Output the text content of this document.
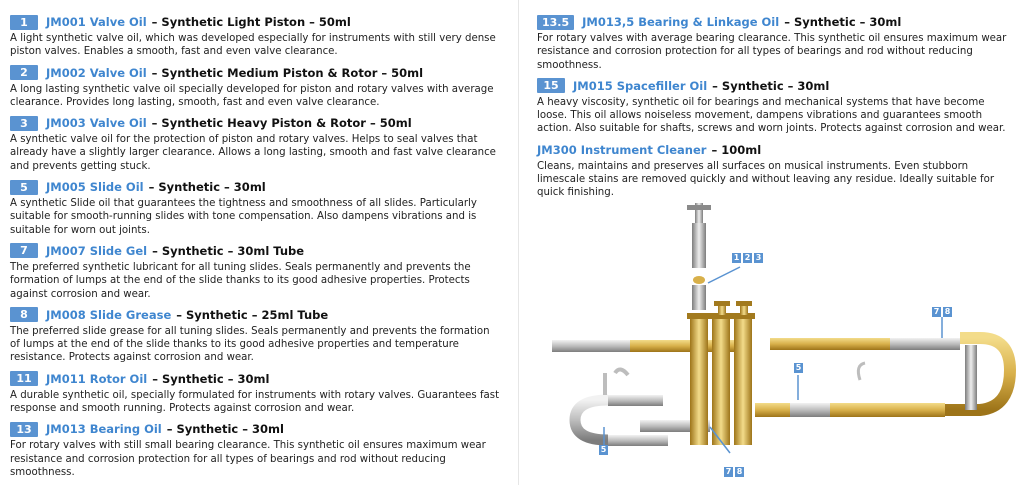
1	JM001 Valve Oil – Synthetic Light Piston – 50ml

A light synthetic valve oil, which was developed especially for instruments with still very dense piston valves. Enables a smooth, fast and even valve clearance.

2	JM002 Valve Oil – Synthetic Medium Piston & Rotor – 50ml

A long lasting synthetic valve oil specially developed for piston and rotary valves with average clearance. Provides long lasting, smooth, fast and even valve clearance.

3	JM003 Valve Oil – Synthetic Heavy Piston & Rotor – 50ml

A synthetic valve oil for the protection of piston and rotary valves. Helps to seal valves that already have a slightly larger clearance. Allows a long lasting, smooth and fast valve clearance and prevents getting stuck.

5	JM005 Slide Oil – Synthetic – 30ml

A synthetic Slide oil that guarantees the tightness and smoothness of all slides. Particularly suitable for smooth-running slides with tone compensation. Also dampens vibrations and is suitable for worn out joints.

7	JM007 Slide Gel – Synthetic – 30ml Tube

The preferred synthetic lubricant for all tuning slides. Seals permanently and prevents the formation of lumps at the end of the slide thanks to its good adhesive properties. Protects against corrosion and wear.

8	JM008 Slide Grease – Synthetic – 25ml Tube

The preferred slide grease for all tuning slides. Seals permanently and prevents the formation of lumps at the end of the slide thanks to its good adhesive properties and temperature resistance. Protects against corrosion and wear.

11	JM011 Rotor Oil – Synthetic – 30ml

A durable synthetic oil, specially formulated for instruments with rotary valves. Guarantees fast response and smooth running. Protects against corrosion and wear.

13	JM013 Bearing Oil – Synthetic – 30ml

For rotary valves with still small bearing clearance. This synthetic oil ensures maximum wear resistance and corrosion protection for all types of bearings and rod without reducing smoothness.

13.5	JM013,5 Bearing & Linkage Oil – Synthetic – 30ml

For rotary valves with average bearing clearance. This synthetic oil ensures maximum wear resistance and corrosion protection for all types of bearings and rod without reducing smoothness.

15	JM015 Spacefiller Oil – Synthetic – 30ml

A heavy viscosity, synthetic oil for bearings and mechanical systems that have become loose. This oil allows noiseless movement, dampens vibrations and guarantees smooth action. Also suitable for shafts, screws and worn joints. Protects against corrosion and wear.

JM300 Instrument Cleaner – 100ml

Cleans, maintains and preserves all surfaces on musical instruments. Even stubborn limescale stains are removed quickly and without leaving any residue. Ideally suitable for quick finishing.

1 2 3
7 8
5
5
7 8
